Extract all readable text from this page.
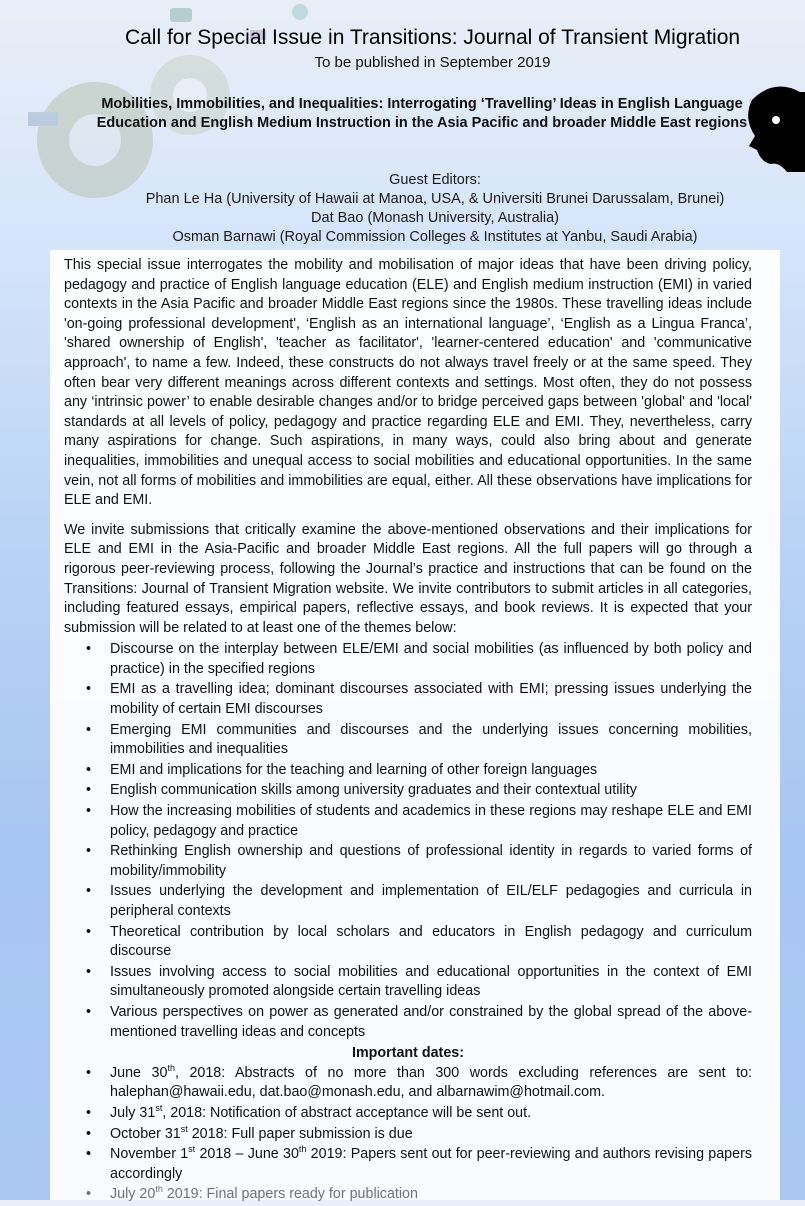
Call for Special Issue in Transitions: Journal of Transient Migration
To be published in September 2019
Mobilities, Immobilities, and Inequalities: Interrogating ‘Travelling’ Ideas in English Language Education and English Medium Instruction in the Asia Pacific and broader Middle East regions
Guest Editors:
Phan Le Ha (University of Hawaii at Manoa, USA, & Universiti Brunei Darussalam, Brunei)
Dat Bao (Monash University, Australia)
Osman Barnawi (Royal Commission Colleges & Institutes at Yanbu, Saudi Arabia)

This special issue interrogates the mobility and mobilisation of major ideas that have been driving policy, pedagogy and practice of English language education (ELE) and English medium instruction (EMI) in varied contexts in the Asia Pacific and broader Middle East regions since the 1980s. These travelling ideas include 'on-going professional development', ‘English as an international language’, ‘English as a Lingua Franca’, 'shared ownership of English', 'teacher as facilitator', 'learner-centered education' and 'communicative approach', to name a few. Indeed, these constructs do not always travel freely or at the same speed. They often bear very different meanings across different contexts and settings. Most often, they do not possess any ‘intrinsic power’ to enable desirable changes and/or to bridge perceived gaps between 'global' and 'local' standards at all levels of policy, pedagogy and practice regarding ELE and EMI. They, nevertheless, carry many aspirations for change. Such aspirations, in many ways, could also bring about and generate inequalities, immobilities and unequal access to social mobilities and educational opportunities. In the same vein, not all forms of mobilities and immobilities are equal, either. All these observations have implications for ELE and EMI.

We invite submissions that critically examine the above-mentioned observations and their implications for ELE and EMI in the Asia-Pacific and broader Middle East regions. All the full papers will go through a rigorous peer-reviewing process, following the Journal’s practice and instructions that can be found on the Transitions: Journal of Transient Migration website. We invite contributors to submit articles in all categories, including featured essays, empirical papers, reflective essays, and book reviews. It is expected that your submission will be related to at least one of the themes below:

• Discourse on the interplay between ELE/EMI and social mobilities (as influenced by both policy and practice) in the specified regions
• EMI as a travelling idea; dominant discourses associated with EMI; pressing issues underlying the mobility of certain EMI discourses
• Emerging EMI communities and discourses and the underlying issues concerning mobilities, immobilities and inequalities
• EMI and implications for the teaching and learning of other foreign languages
• English communication skills among university graduates and their contextual utility
• How the increasing mobilities of students and academics in these regions may reshape ELE and EMI policy, pedagogy and practice
• Rethinking English ownership and questions of professional identity in regards to varied forms of mobility/immobility
• Issues underlying the development and implementation of EIL/ELF pedagogies and curricula in peripheral contexts
• Theoretical contribution by local scholars and educators in English pedagogy and curriculum discourse
• Issues involving access to social mobilities and educational opportunities in the context of EMI simultaneously promoted alongside certain travelling ideas
• Various perspectives on power as generated and/or constrained by the global spread of the above-mentioned travelling ideas and concepts
Important dates:
• June 30th, 2018: Abstracts of no more than 300 words excluding references are sent to: halephan@hawaii.edu, dat.bao@monash.edu, and albarnawim@hotmail.com.
• July 31st, 2018: Notification of abstract acceptance will be sent out.
• October 31st 2018: Full paper submission is due
• November 1st 2018 – June 30th 2019: Papers sent out for peer-reviewing and authors revising papers accordingly
• July 20th 2019: Final papers ready for publication
